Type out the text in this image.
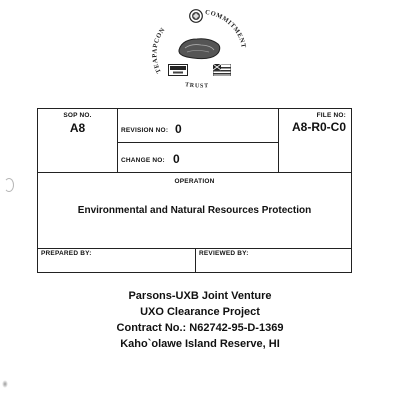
TEAPAPCON
COMMITMENT
TRUST
SOP NO.
A8	REVISION NO: 0
CHANGE NO: 0
FILE NO:
A8-R0-C0
OPERATION
Environmental and Natural Resources Protection
PREPARED BY:	REVIEWED BY:
Parsons-UXB Joint Venture
UXO Clearance Project
Contract No.: N62742-95-D-1369
Kaho`olawe Island Reserve, HI
